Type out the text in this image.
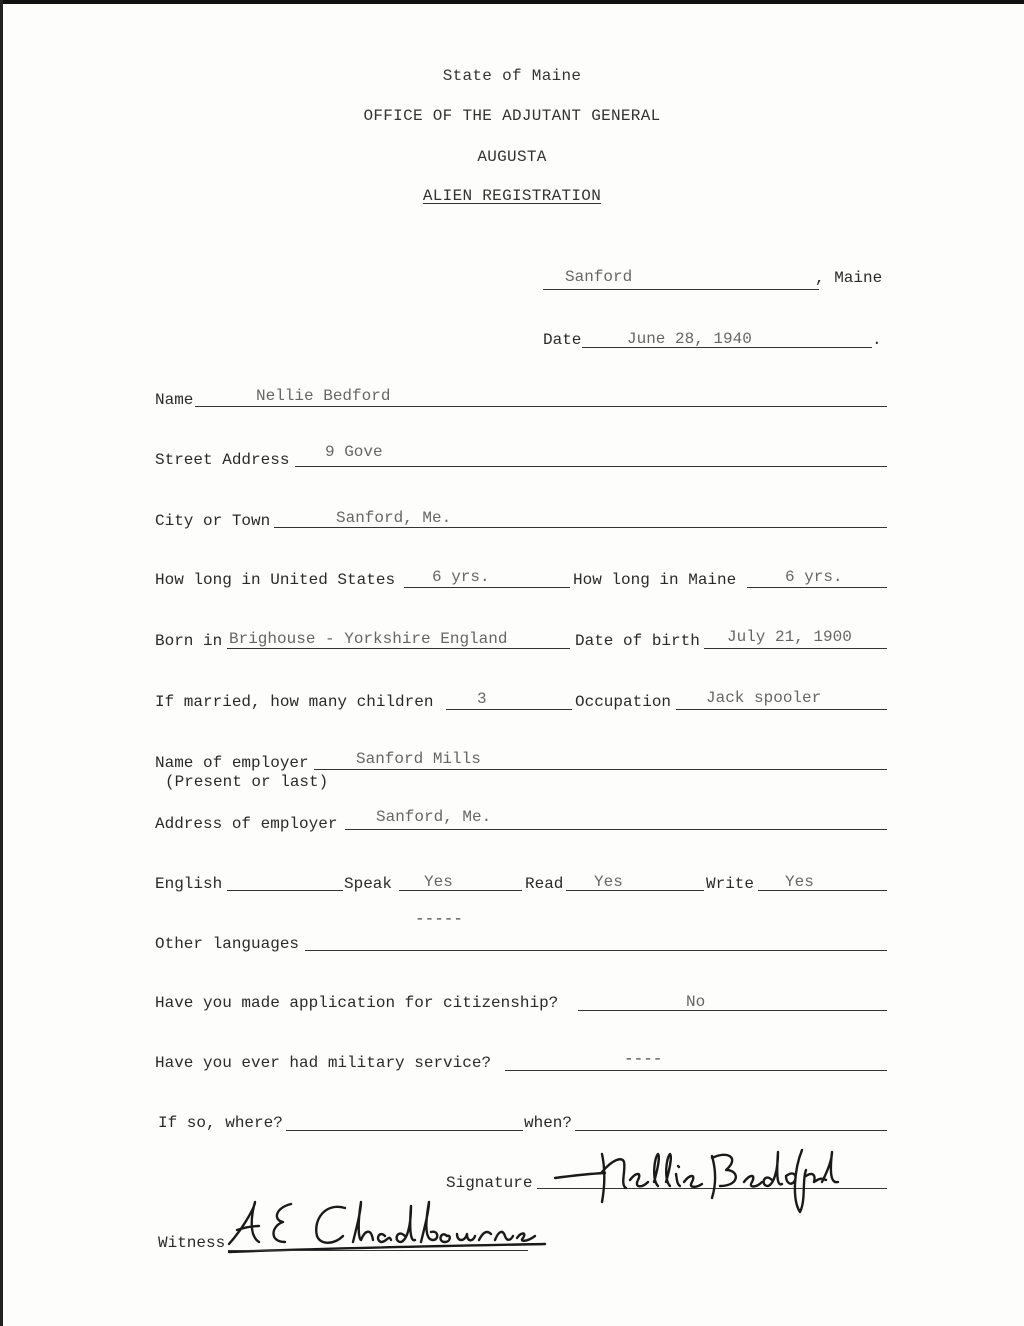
State of Maine
OFFICE OF THE ADJUTANT GENERAL
AUGUSTA
ALIEN REGISTRATION
Sanford	, Maine
Date	June 28, 1940	.
Name	Nellie Bedford
Street Address 9 Gove
City or Town	Sanford, Me.
How long in United States 6 yrs.	How long in Maine	6 yrs.
Born in Brighouse - Yorkshire England	Date of birth July 21, 1900
If married, how many children	3	Occupation Jack spooler
Name of employer	Sanford Mills
(Present or last)
Address of employer Sanford, Me.
English	Speak Yes	Read Yes	Write Yes
-----
Other languages
Have you made application for citizenship?	No
Have you ever had military service?	----
If so, where?	when?
Signature
Witness
